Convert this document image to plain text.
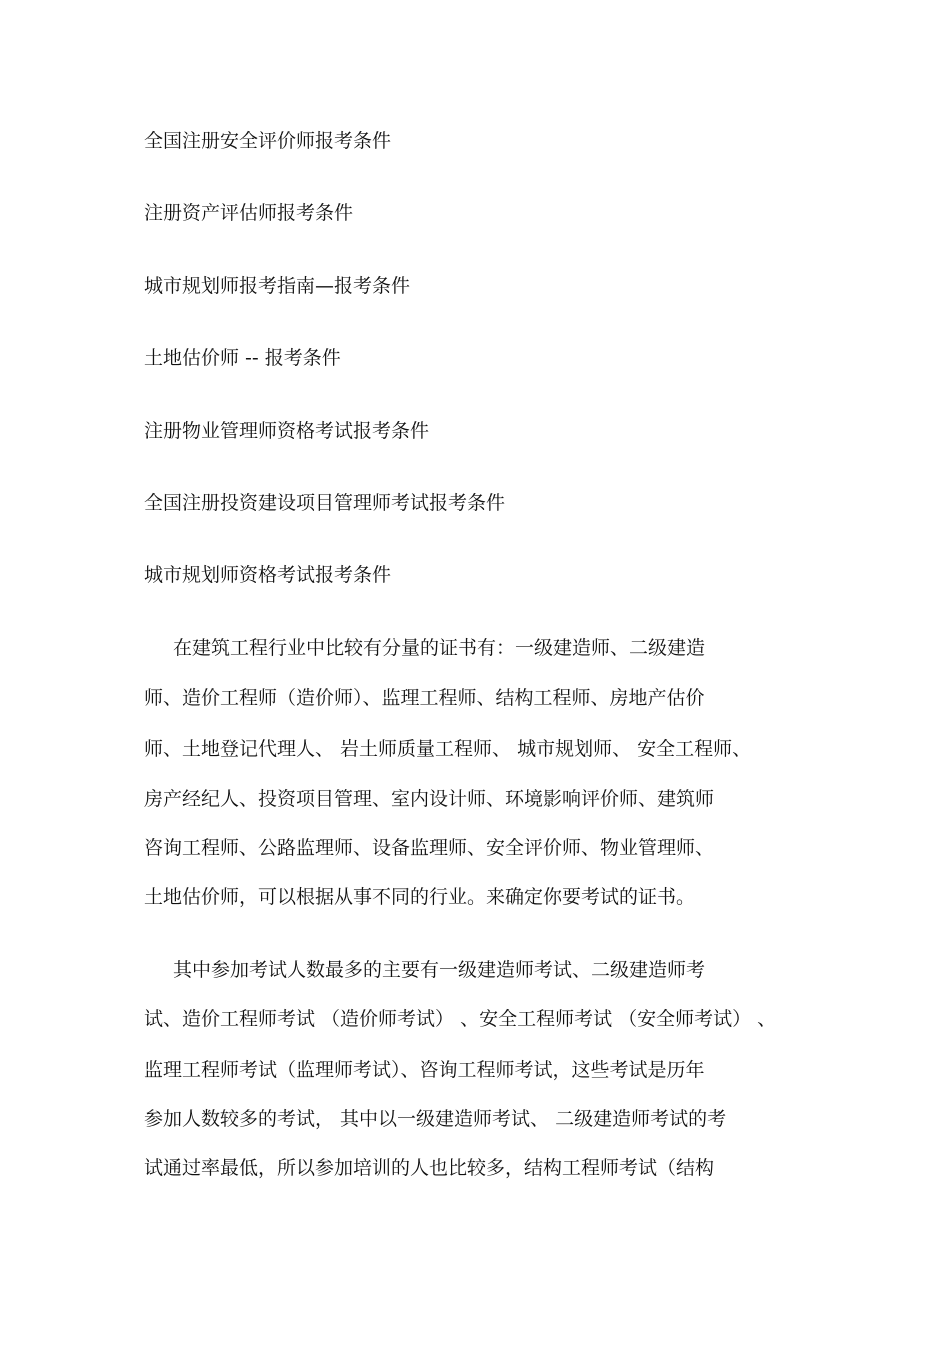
全国注册安全评价师报考条件
注册资产评估师报考条件
城市规划师报考指南—报考条件
土地估价师 -- 报考条件
注册物业管理师资格考试报考条件
全国注册投资建设项目管理师考试报考条件
城市规划师资格考试报考条件
在建筑工程行业中比较有分量的证书有：一级建造师、二级建造
师、造价工程师（造价师）、监理工程师、结构工程师、房地产估价
师、土地登记代理人、 岩土师质量工程师、 城市规划师、 安全工程师、
房产经纪人、投资项目管理、室内设计师、环境影响评价师、建筑师
咨询工程师、公路监理师、设备监理师、安全评价师、物业管理师、
土地估价师，可以根据从事不同的行业。来确定你要考试的证书。
其中参加考试人数最多的主要有一级建造师考试、二级建造师考
试、造价工程师考试 （造价师考试） 、安全工程师考试 （安全师考试） 、
监理工程师考试（监理师考试）、咨询工程师考试，这些考试是历年
参加人数较多的考试， 其中以一级建造师考试、 二级建造师考试的考
试通过率最低，所以参加培训的人也比较多，结构工程师考试（结构
